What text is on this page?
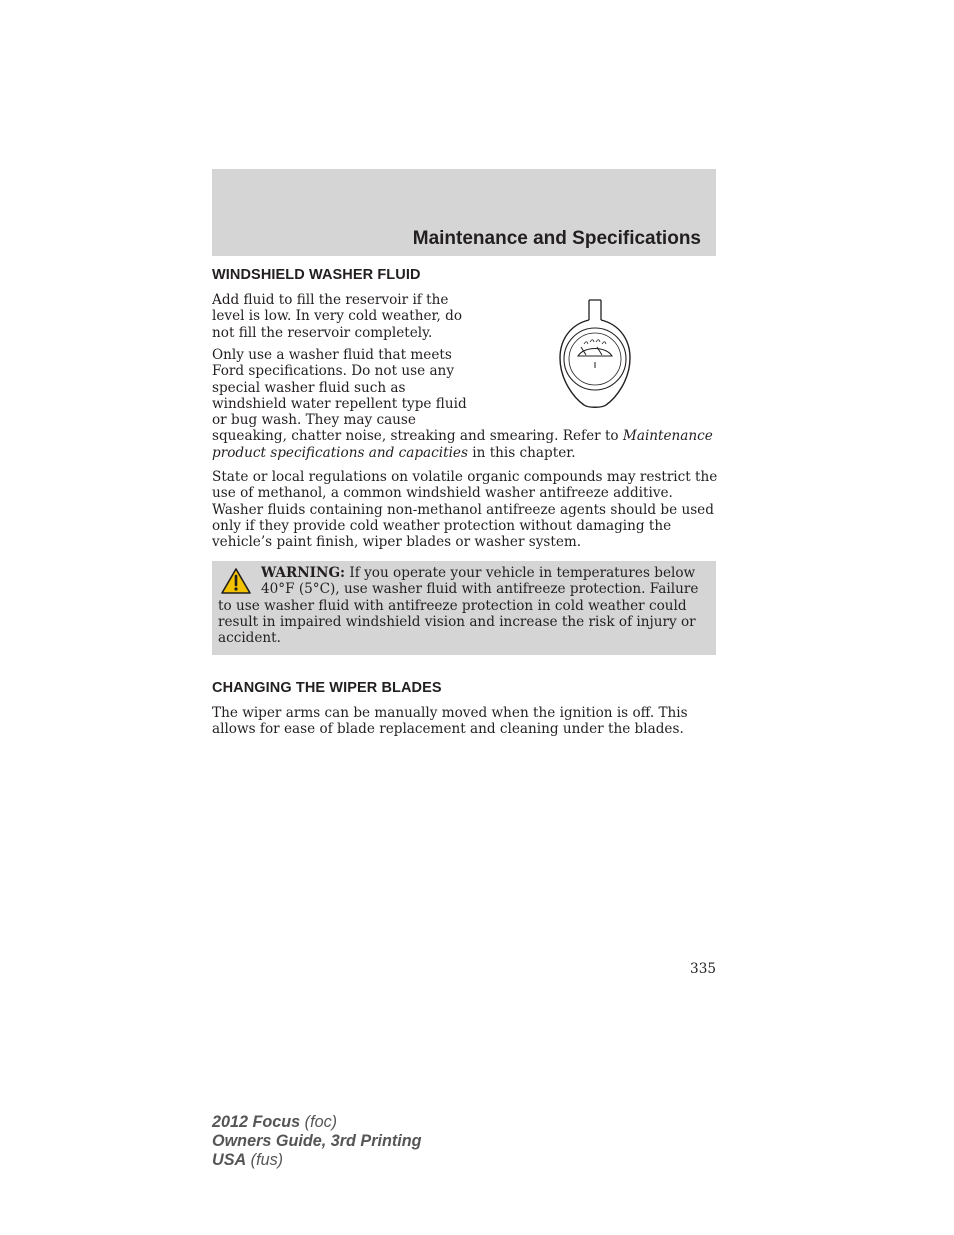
Maintenance and Specifications
WINDSHIELD WASHER FLUID

Add fluid to fill the reservoir if the
level is low. In very cold weather, do
not fill the reservoir completely.

Only use a washer fluid that meets
Ford specifications. Do not use any
special washer fluid such as
windshield water repellent type fluid
or bug wash. They may cause
squeaking, chatter noise, streaking and smearing. Refer to Maintenance
product specifications and capacities in this chapter.

State or local regulations on volatile organic compounds may restrict the
use of methanol, a common windshield washer antifreeze additive.
Washer fluids containing non-methanol antifreeze agents should be used
only if they provide cold weather protection without damaging the
vehicle’s paint finish, wiper blades or washer system.

WARNING: If you operate your vehicle in temperatures below
40°F (5°C), use washer fluid with antifreeze protection. Failure
to use washer fluid with antifreeze protection in cold weather could
result in impaired windshield vision and increase the risk of injury or
accident.

CHANGING THE WIPER BLADES

The wiper arms can be manually moved when the ignition is off. This
allows for ease of blade replacement and cleaning under the blades.

335
2012 Focus (foc)
Owners Guide, 3rd Printing
USA (fus)
